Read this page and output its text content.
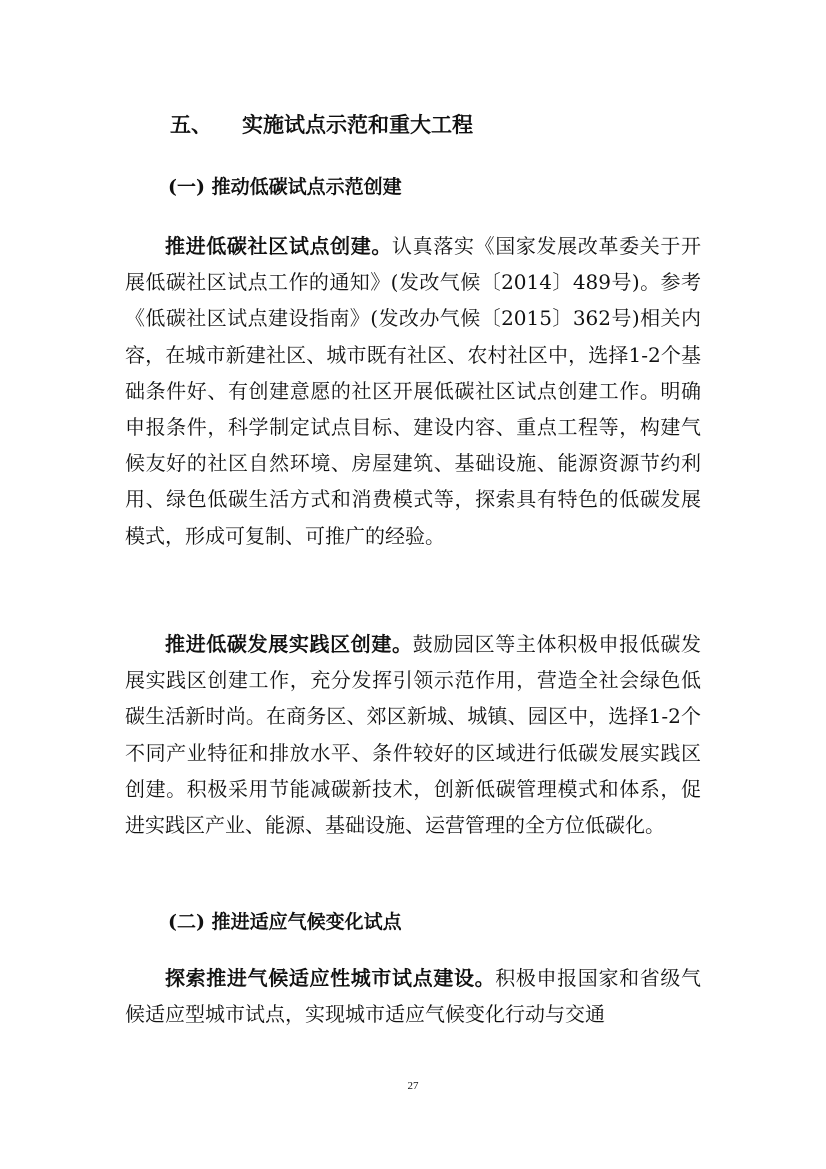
五、 实施试点示范和重大工程
(一) 推动低碳试点示范创建

推进低碳社区试点创建。认真落实《国家发展改革委关于开展低碳社区试点工作的通知》(发改气候〔2014〕489号)。参考《低碳社区试点建设指南》(发改办气候〔2015〕362号)相关内容，在城市新建社区、城市既有社区、农村社区中，选择1-2个基础条件好、有创建意愿的社区开展低碳社区试点创建工作。明确申报条件，科学制定试点目标、建设内容、重点工程等，构建气候友好的社区自然环境、房屋建筑、基础设施、能源资源节约利用、绿色低碳生活方式和消费模式等，探索具有特色的低碳发展模式，形成可复制、可推广的经验。

推进低碳发展实践区创建。鼓励园区等主体积极申报低碳发展实践区创建工作，充分发挥引领示范作用，营造全社会绿色低碳生活新时尚。在商务区、郊区新城、城镇、园区中，选择1-2个不同产业特征和排放水平、条件较好的区域进行低碳发展实践区创建。积极采用节能减碳新技术，创新低碳管理模式和体系，促进实践区产业、能源、基础设施、运营管理的全方位低碳化。

(二) 推进适应气候变化试点

探索推进气候适应性城市试点建设。积极申报国家和省级气候适应型城市试点，实现城市适应气候变化行动与交通

27
